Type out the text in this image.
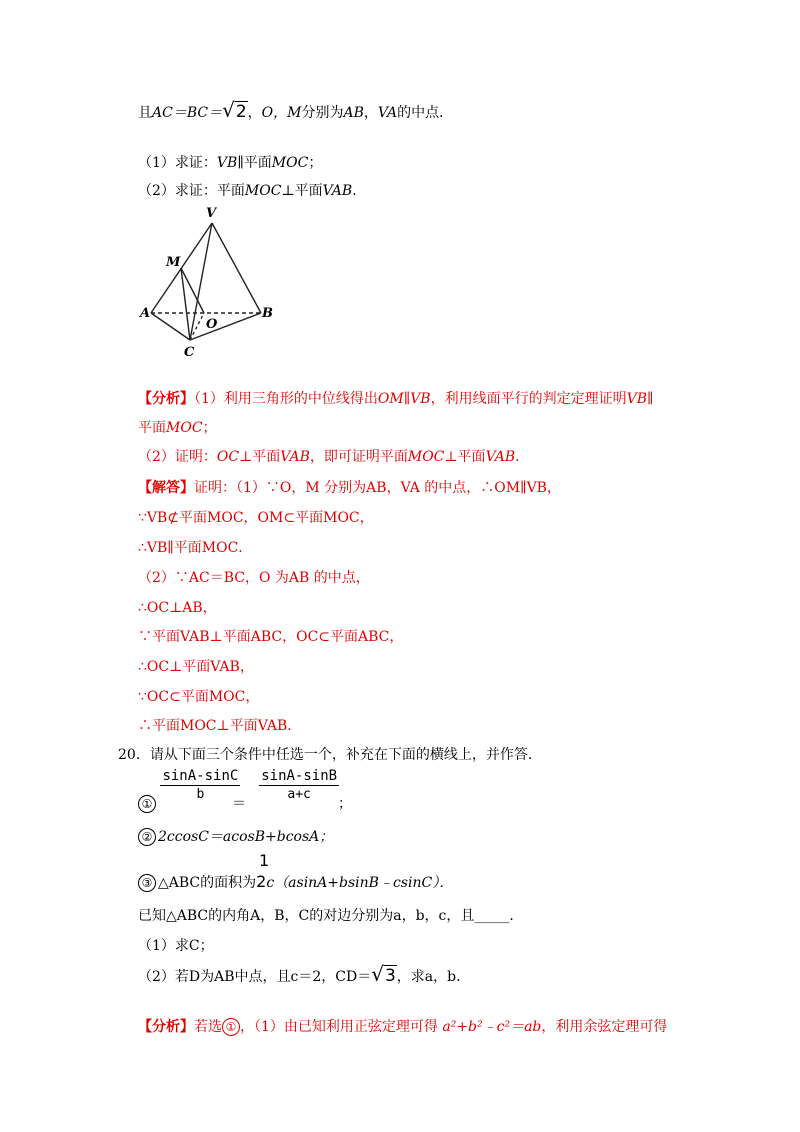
且AC＝BC＝√2，O，M分别为AB，VA的中点．
（1）求证：VB∥平面MOC；
（2）求证：平面MOC⊥平面VAB．
V
M
A
O
B
C
【分析】（1）利用三角形的中位线得出OM∥VB，利用线面平行的判定定理证明VB∥
平面MOC；
（2）证明：OC⊥平面VAB，即可证明平面MOC⊥平面VAB．
【解答】证明：（1）∵O，M 分别为AB，VA 的中点，∴OM∥VB，
∵VB⊄平面MOC，OM⊂平面MOC，
∴VB∥平面MOC．
（2）∵AC＝BC，O 为AB 的中点，
∴OC⊥AB，
∵平面VAB⊥平面ABC，OC⊂平面ABC，
∴OC⊥平面VAB，
∵OC⊂平面MOC，
∴平面MOC⊥平面VAB．
20．请从下面三个条件中任选一个，补充在下面的横线上，并作答．

$\frac{\sin A-\sin C}{b}$
$\frac{\sin A-\sin B}{a+c}$
①	＝	；
② 2ccosC＝acosB+bcosA；
1
③ △ABC的面积为2c（asinA+bsinB﹣csinC）．
已知△ABC的内角A，B，C的对边分别为a，b，c，且_____．
（1）求C；
（2）若D为AB中点，且c＝2，CD＝√3，求a，b．
【分析】若选 ① ，（1）由已知利用正弦定理可得 a²+b²﹣c²＝ab，利用余弦定理可得
